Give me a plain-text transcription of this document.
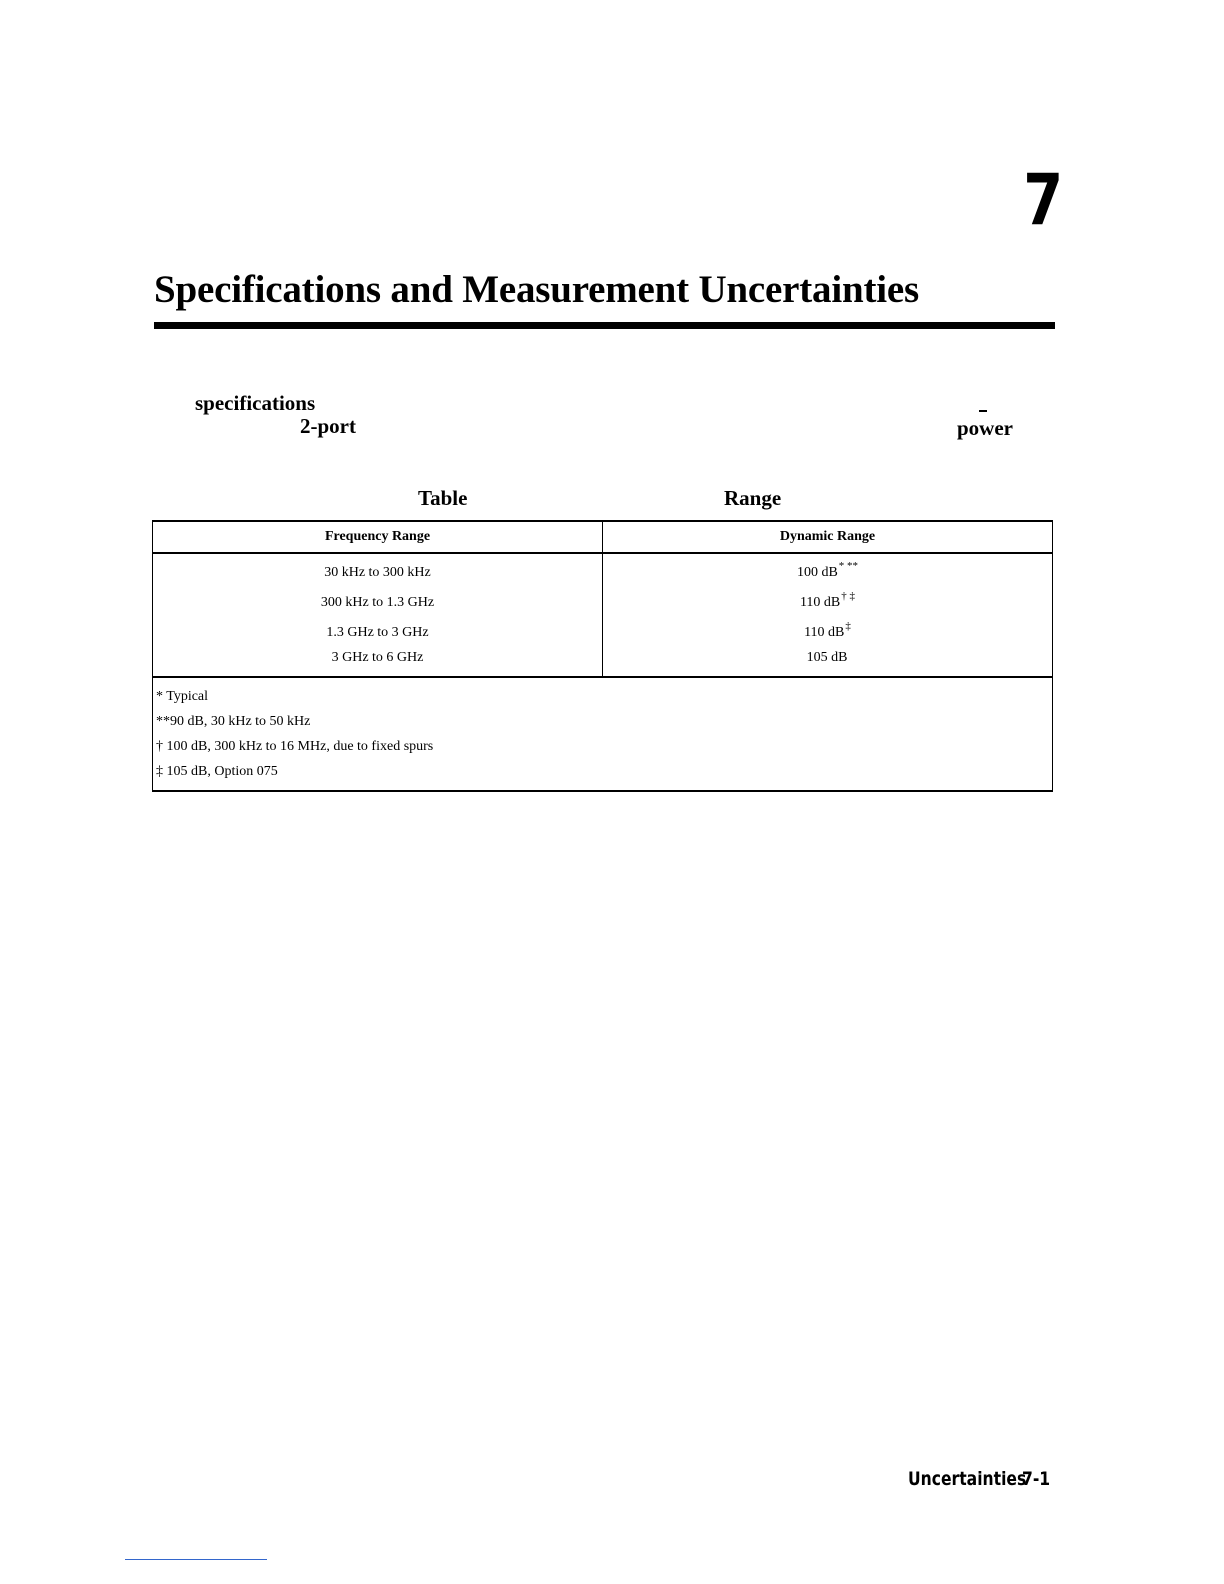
7
Specifications and Measurement Uncertainties
specifications
2-port	power
Table	Range
Frequency Range	Dynamic Range
30 kHz to 300 kHz	100 dB* **
300 kHz to 1.3 GHz	110 dB† ‡
1.3 GHz to 3 GHz	110 dB‡
3 GHz to 6 GHz	105 dB

* Typical
**90 dB, 30 kHz to 50 kHz
† 100 dB, 300 kHz to 16 MHz, due to fixed spurs
‡ 105 dB, Option 075	
Uncertainties
7-1
